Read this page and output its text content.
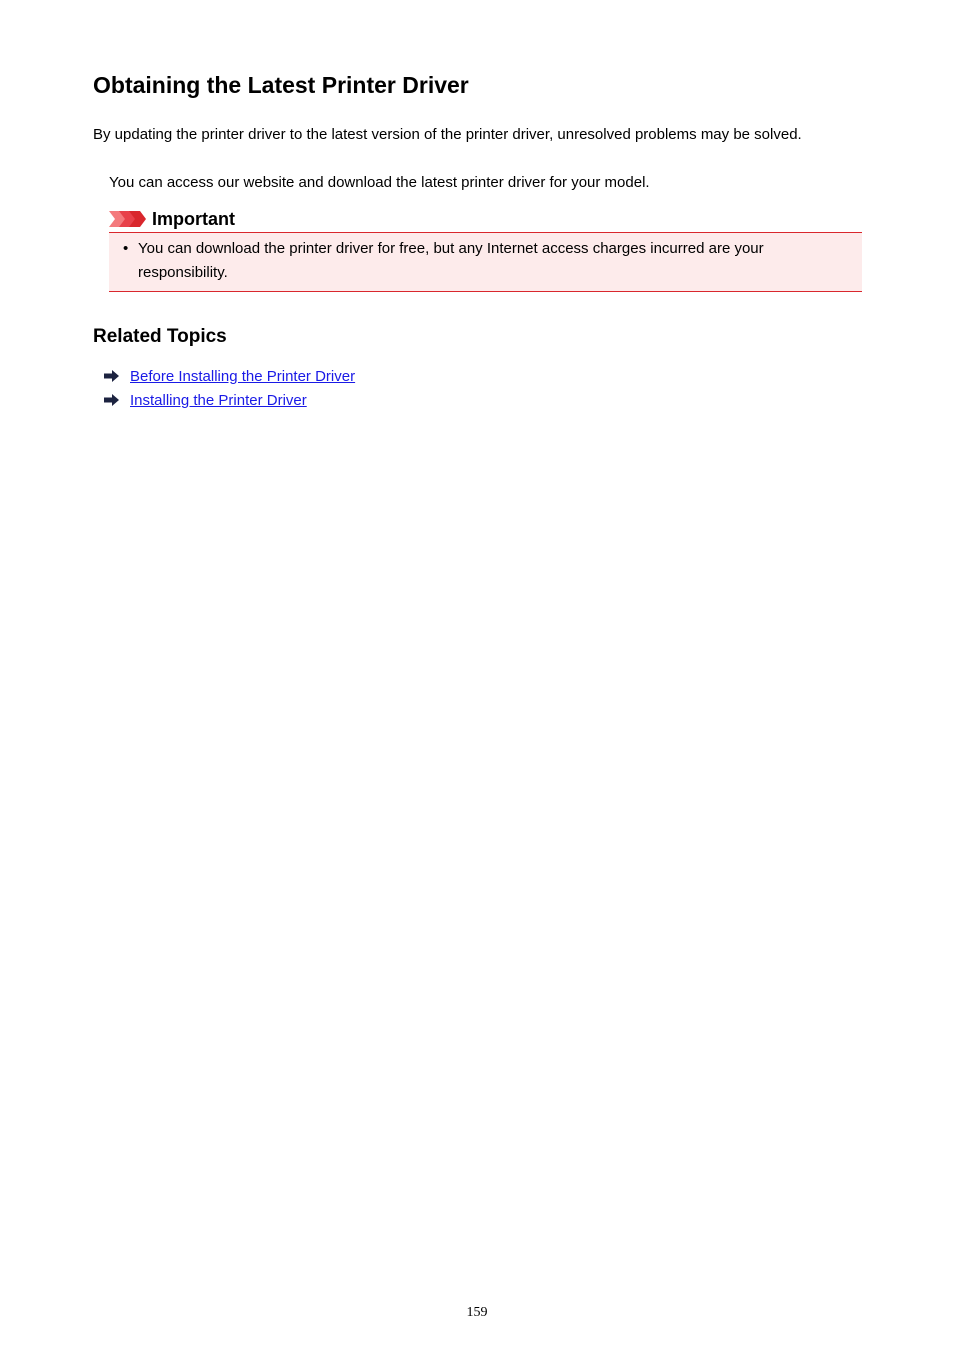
Obtaining the Latest Printer Driver

By updating the printer driver to the latest version of the printer driver, unresolved problems may be solved.

You can access our website and download the latest printer driver for your model.

Important
• You can download the printer driver for free, but any Internet access charges incurred are your responsibility.
Related Topics
Before Installing the Printer Driver
Installing the Printer Driver
159
